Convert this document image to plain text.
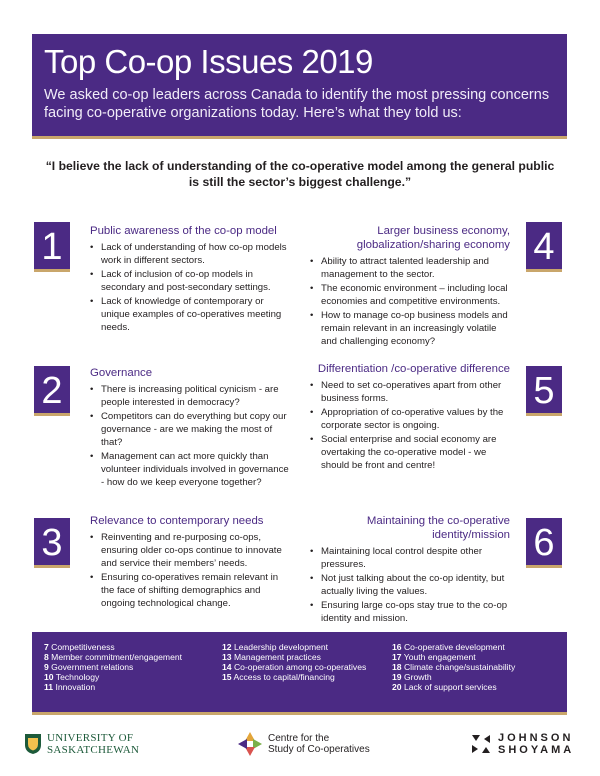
Top Co-op Issues 2019
We asked co-op leaders across Canada to identify the most pressing concerns facing co-operative organizations today. Here’s what they told us:
“I believe the lack of understanding of the co-operative model among the general public is still the sector’s biggest challenge.”
1	Public awareness of the co-op model
• Lack of understanding of how co-op models work in different sectors.
• Lack of inclusion of co-op models in secondary and post-secondary settings.
• Lack of knowledge of contemporary or unique examples of co-operatives meeting needs.
Larger business economy, globalization/sharing economy
• Ability to attract talented leadership and management to the sector.
• The economic environment – including local economies and competitive environments.
• How to manage co-op business models and remain relevant in an increasingly volatile and challenging economy?
4
2	Governance
• There is increasing political cynicism - are people interested in democracy?
• Competitors can do everything but copy our governance - are we making the most of that?
• Management can act more quickly than volunteer individuals involved in governance - how do we keep everyone together?
Differentiation /co-operative difference
• Need to set co-operatives apart from other business forms.
• Appropriation of co-operative values by the corporate sector is ongoing.
• Social enterprise and social economy are overtaking the co-operative model - we should be front and centre!
5
3
Relevance to contemporary needs
• Reinventing and re-purposing co-ops, ensuring older co-ops continue to innovate and service their members’ needs.
• Ensuring co-operatives remain relevant in the face of shifting demographics and ongoing technological change.
Maintaining the co-operative identity/mission
• Maintaining local control despite other pressures.
• Not just talking about the co-op identity, but actually living the values.
• Ensuring large co-ops stay true to the co-op identity and mission.
6
7 Competitiveness
8 Member commitment/engagement
9 Government relations
10 Technology
11 Innovation
12 Leadership development
13 Management practices
14 Co-operation among co-operatives
15 Access to capital/financing
16 Co-operative development
17 Youth engagement
18 Climate change/sustainability
19 Growth
20 Lack of support services
UNIVERSITY OF
SASKATCHEWAN
Centre for the
Study of Co-operatives
JOHNSON
SHOYAMA
